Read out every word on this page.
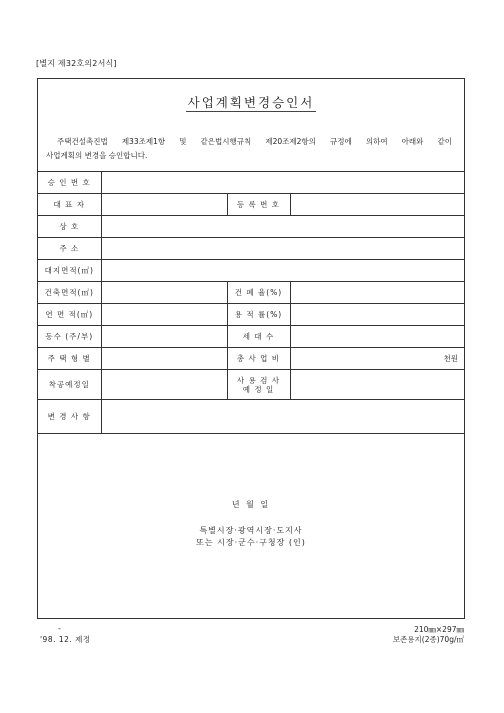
[별지 제32호의2서식]
사업계획변경승인서
주택건설촉진법 제33조제1항 및 같은법시행규칙 제20조제2항의 규정에 의하여 아래와 같이
사업계획의 변경을 승인합니다.
승 인 번 호			
대 표 자		등 록 번 호	
상 호			
주 소			
대지면적(㎡)			
건축면적(㎡)		건 폐 율(%)	
연 면 적(㎡)		용 적 률(%)	
동수 (주/부)		세 대 수	
주 택 형 별		총 사 업 비	천원
착공예정일		사 용 검 사
예 정 일	

변 경 사 항			
년 월 일
특별시장·광역시장·도지사
또는 시장·군수·구청장 (인)
-
'98. 12. 제정
210㎜×297㎜
보존용지(2종)70g/㎡
